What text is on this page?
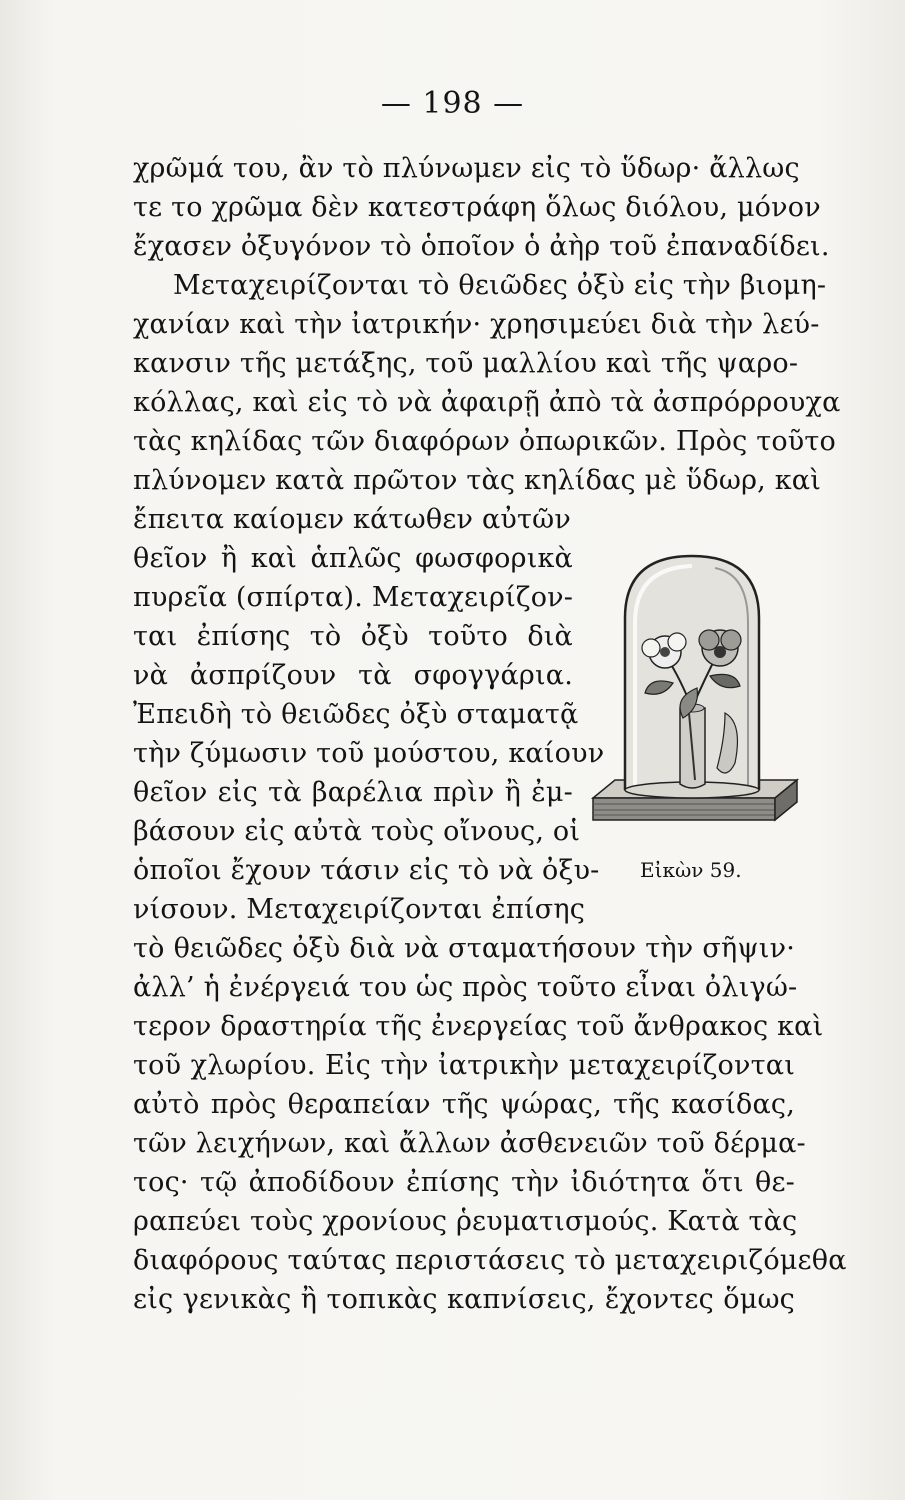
— 198 —
χρῶμά του, ἂν τὸ πλύνωμεν εἰς τὸ ὕδωρ· ἄλλως
τε το χρῶμα δὲν κατεστράφη ὅλως διόλου, μόνον
ἔχασεν ὀξυγόνον τὸ ὁποῖον ὁ ἀὴρ τοῦ ἐπαναδίδει.
Μεταχειρίζονται τὸ θειῶδες ὀξὺ εἰς τὴν βιομη-
χανίαν καὶ τὴν ἰατρικήν· χρησιμεύει διὰ τὴν λεύ-
κανσιν τῆς μετάξης, τοῦ μαλλίου καὶ τῆς ψαρο-
κόλλας, καὶ εἰς τὸ νὰ ἀφαιρῇ ἀπὸ τὰ ἀσπρόρρουχα
τὰς κηλίδας τῶν διαφόρων ὀπωρικῶν. Πρὸς τοῦτο
πλύνομεν κατὰ πρῶτον τὰς κηλίδας μὲ ὕδωρ, καὶ
ἔπειτα καίομεν κάτωθεν αὐτῶν
θεῖον ἢ καὶ ἁπλῶς φωσφορικὰ
πυρεῖα (σπίρτα). Μεταχειρίζον-
ται ἐπίσης τὸ ὀξὺ τοῦτο διὰ
νὰ ἀσπρίζουν τὰ σφογγάρια.
Ἐπειδὴ τὸ θειῶδες ὀξὺ σταματᾷ
τὴν ζύμωσιν τοῦ μούστου, καίουν
θεῖον εἰς τὰ βαρέλια πρὶν ἢ ἐμ-
βάσουν εἰς αὐτὰ τοὺς οἴνους, οἱ
ὁποῖοι ἔχουν τάσιν εἰς τὸ νὰ ὀξυ- Εἰκὼν 59.
νίσουν. Μεταχειρίζονται ἐπίσης
τὸ θειῶδες ὀξὺ διὰ νὰ σταματήσουν τὴν σῆψιν·
ἀλλ’ ἡ ἐνέργειά του ὡς πρὸς τοῦτο εἶναι ὀλιγώ-
τερον δραστηρία τῆς ἐνεργείας τοῦ ἄνθρακος καὶ
τοῦ χλωρίου. Εἰς τὴν ἰατρικὴν μεταχειρίζονται
αὐτὸ πρὸς θεραπείαν τῆς ψώρας, τῆς κασίδας,
τῶν λειχήνων, καὶ ἄλλων ἀσθενειῶν τοῦ δέρμα-
τος· τῷ ἀποδίδουν ἐπίσης τὴν ἰδιότητα ὅτι θε-
ραπεύει τοὺς χρονίους ῥευματισμούς. Κατὰ τὰς
διαφόρους ταύτας περιστάσεις τὸ μεταχειριζόμεθα
εἰς γενικὰς ἢ τοπικὰς καπνίσεις, ἔχοντες ὅμως
